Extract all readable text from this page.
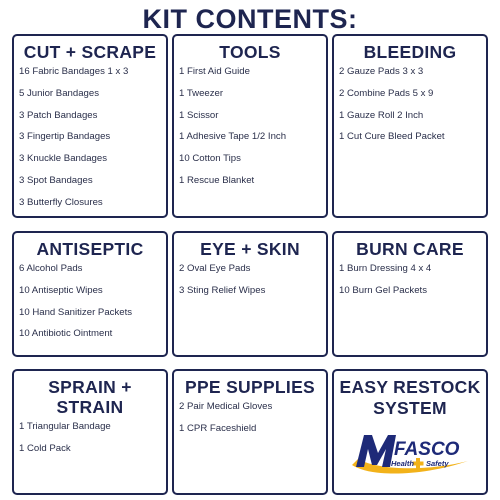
KIT CONTENTS:
CUT + SCRAPE
16 Fabric Bandages 1 x 3
5 Junior Bandages
3 Patch Bandages
3 Fingertip Bandages
3 Knuckle Bandages
3 Spot Bandages
3 Butterfly Closures
TOOLS
1 First Aid Guide
1 Tweezer
1 Scissor
1 Adhesive Tape 1/2 Inch
10 Cotton Tips
1 Rescue Blanket
BLEEDING
2 Gauze Pads 3 x 3
2 Combine Pads 5 x 9
1 Gauze Roll 2 Inch
1 Cut Cure Bleed Packet
ANTISEPTIC
6 Alcohol Pads
10 Antiseptic Wipes
10 Hand Sanitizer Packets
10 Antibiotic Ointment
EYE + SKIN
2 Oval Eye Pads
3 Sting Relief Wipes
BURN CARE
1 Burn Dressing 4 x 4
10 Burn Gel Packets
SPRAIN + STRAIN
1 Triangular Bandage
1 Cold Pack
PPE SUPPLIES
2 Pair Medical Gloves
1 CPR Faceshield
EASY RESTOCK
SYSTEM
FASCO
Health Safety
